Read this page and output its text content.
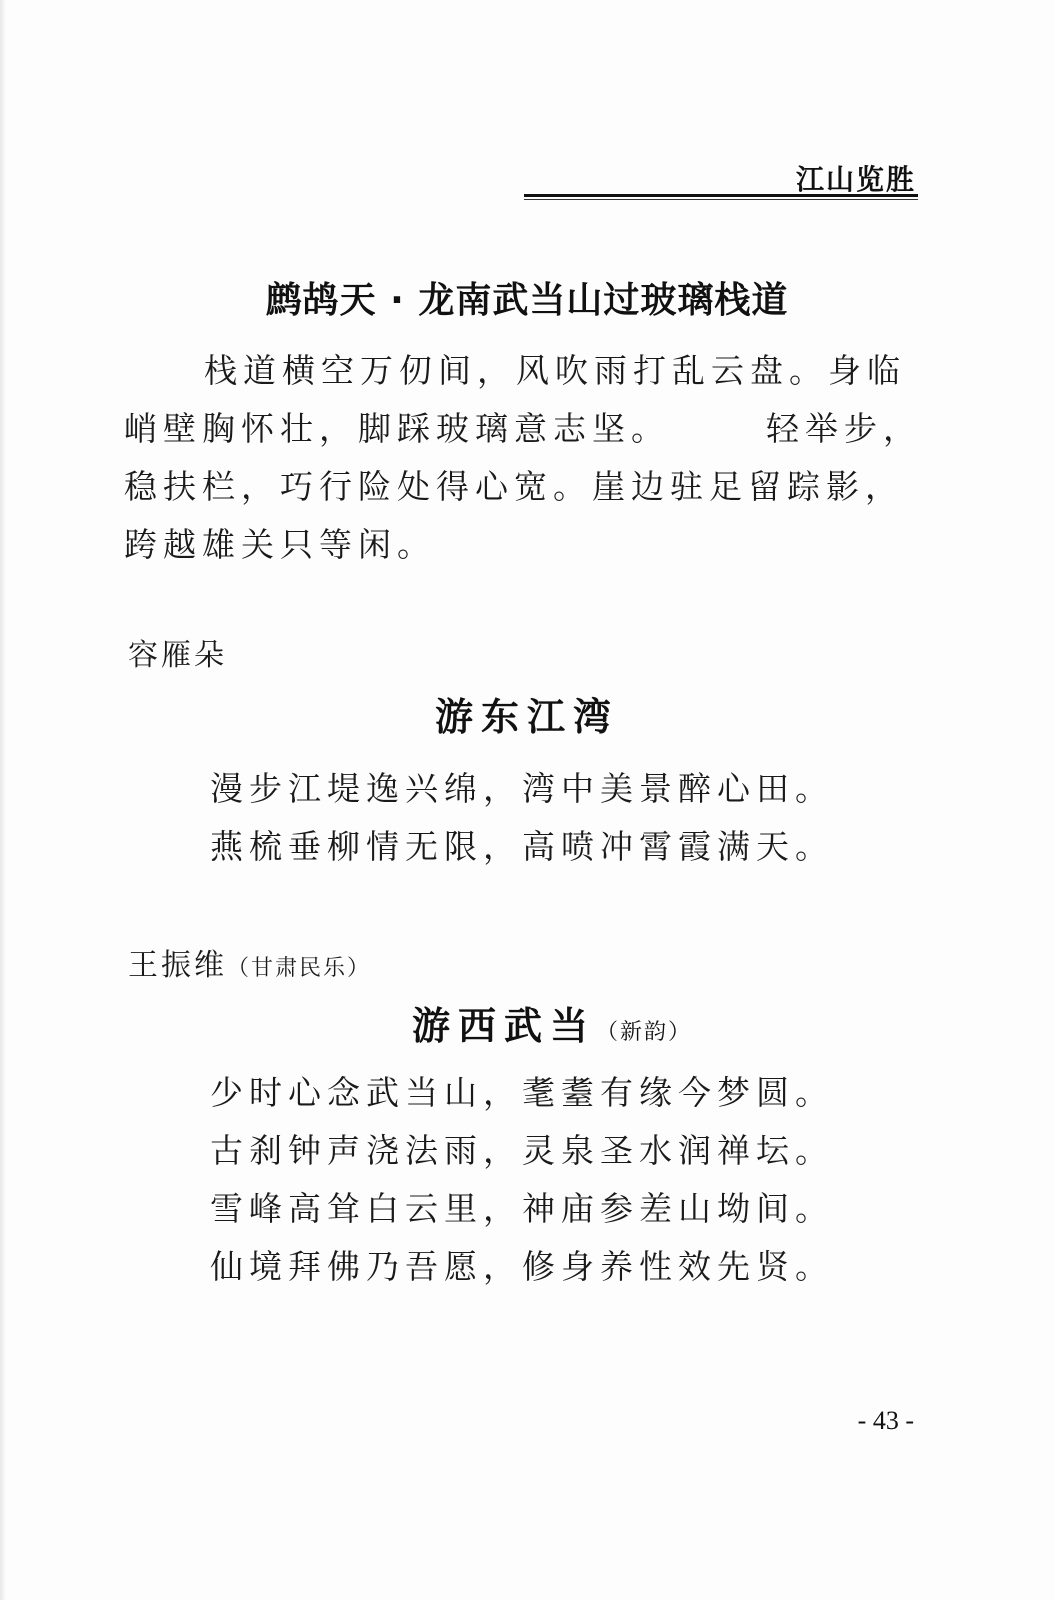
江山览胜
鹧鸪天 · 龙南武当山过玻璃栈道
栈道横空万仞间，风吹雨打乱云盘。身临
峭壁胸怀壮，脚踩玻璃意志坚。	轻举步，
稳扶栏，巧行险处得心宽。崖边驻足留踪影，
跨越雄关只等闲。
容雁朵
游东江湾
漫步江堤逸兴绵，湾中美景醉心田。
燕梳垂柳情无限，高喷冲霄霞满天。
王振维（甘肃民乐）
游西武当（新韵）
少时心念武当山，耄耋有缘今梦圆。
古刹钟声浇法雨，灵泉圣水润禅坛。
雪峰高耸白云里，神庙参差山坳间。
仙境拜佛乃吾愿，修身养性效先贤。
- 43 -
